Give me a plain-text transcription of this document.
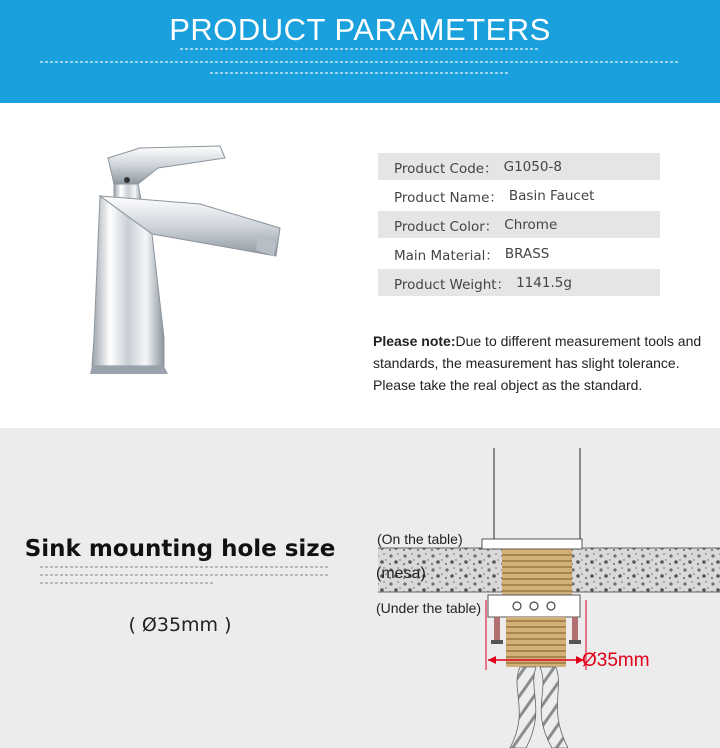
PRODUCT PARAMETERS
Product Code： G1050-8
Product Name： Basin Faucet
Product Color： Chrome
Main Material： BRASS
Product Weight： 1141.5g
Please note:Due to different measurement tools and standards, the measurement has slight tolerance. Please take the real object as the standard.
Sink mounting hole size
( Ø35mm )
(On the table)
(mesa)
(Under the table)
Ø35mm
